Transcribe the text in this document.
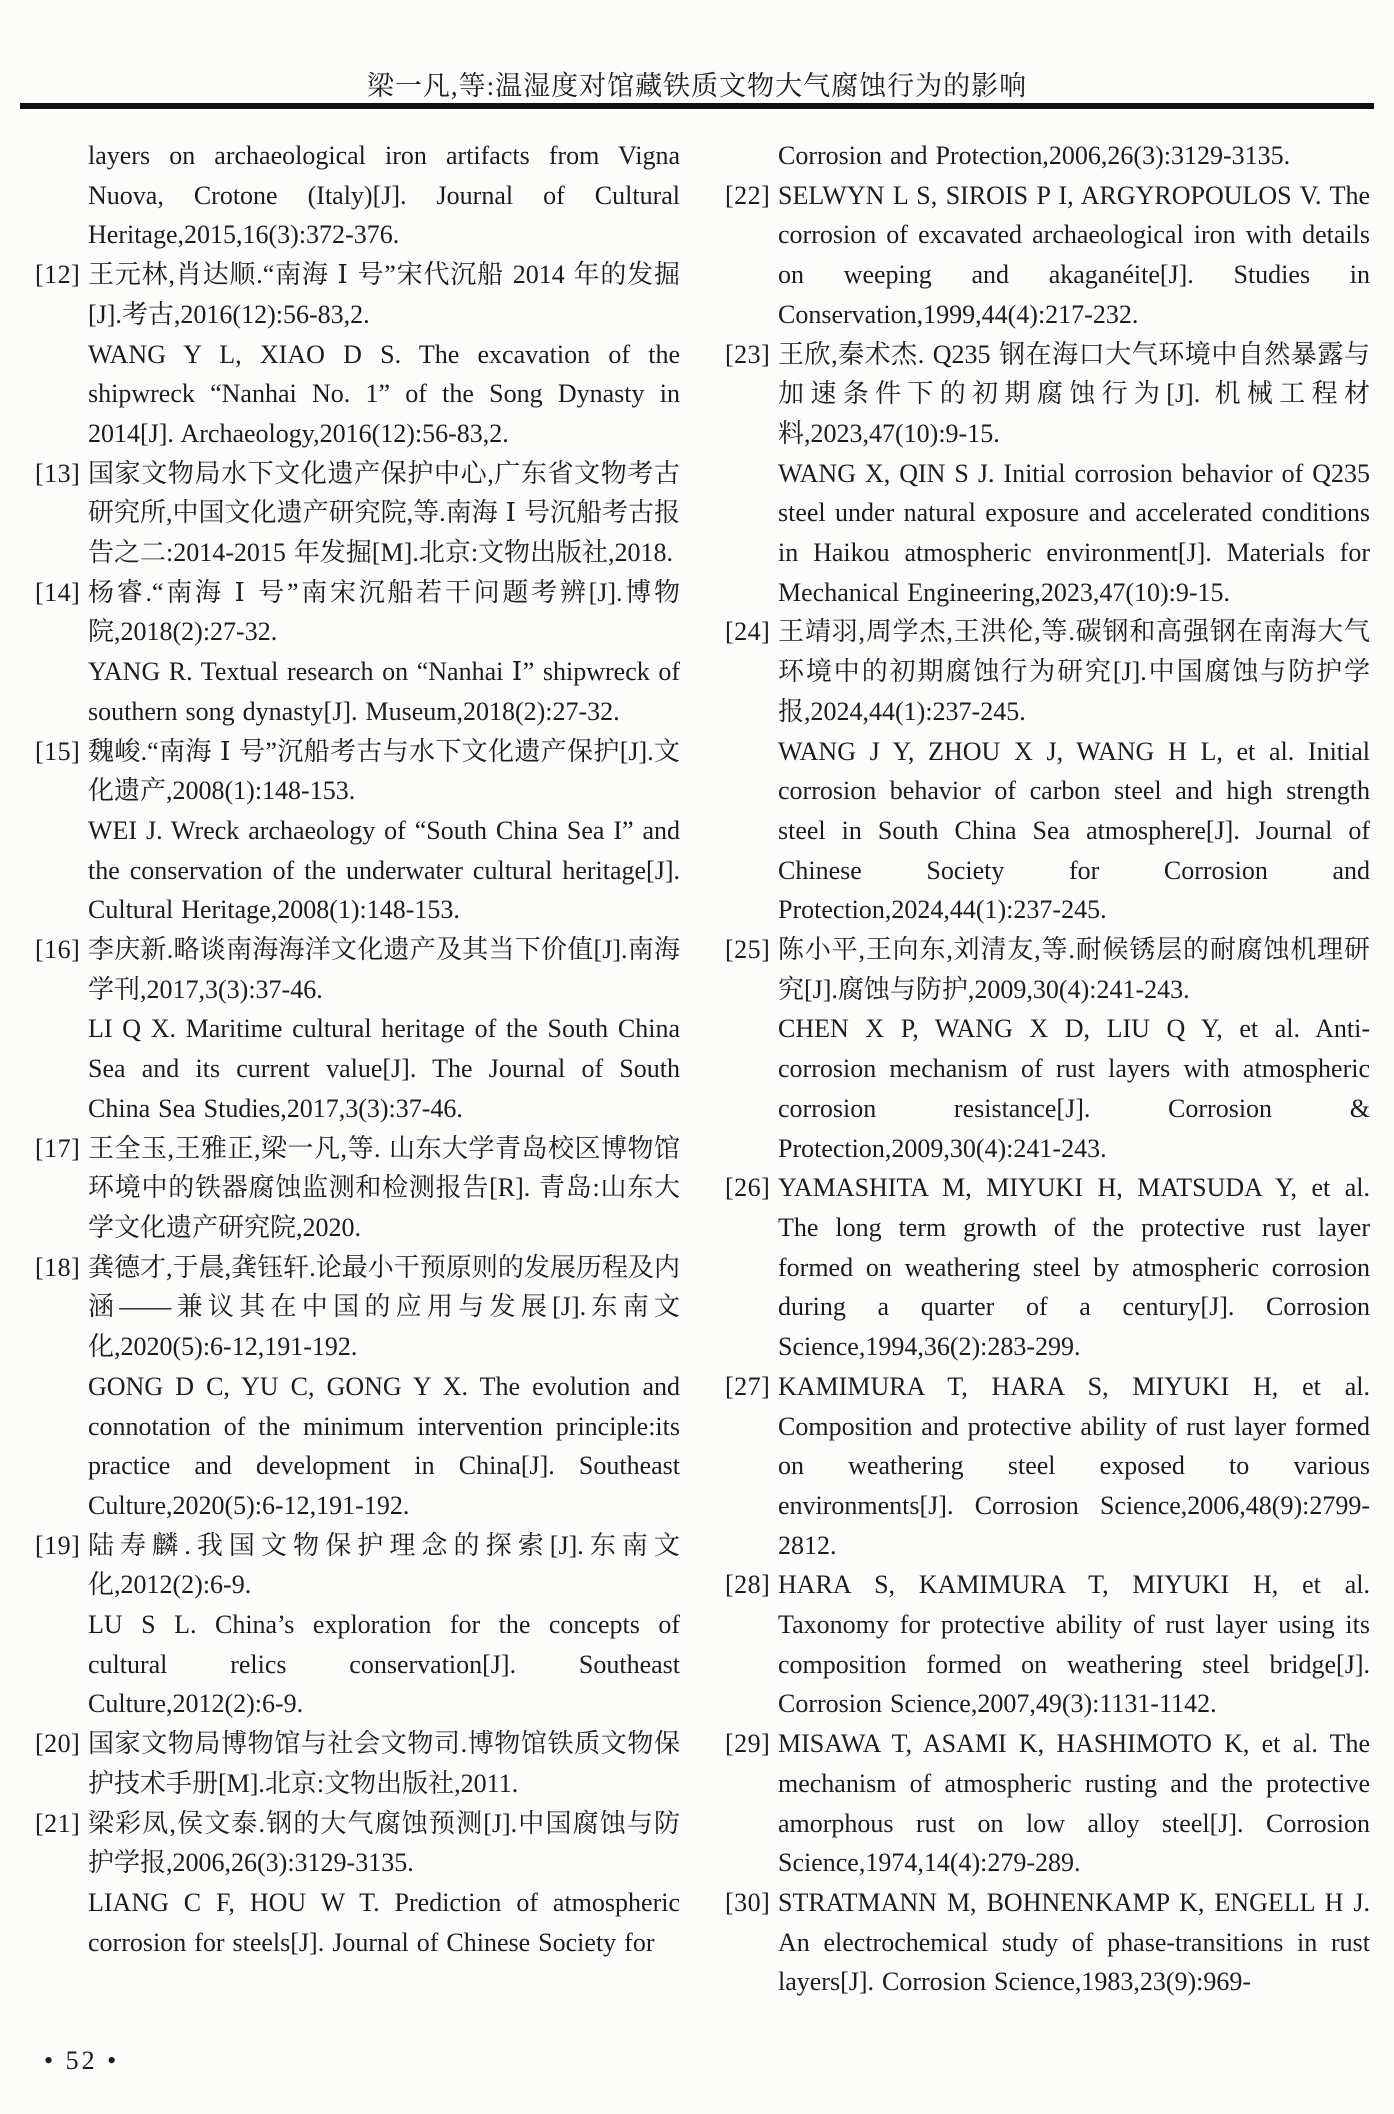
梁一凡,等:温湿度对馆藏铁质文物大气腐蚀行为的影响
layers on archaeological iron artifacts from Vigna Nuova, Crotone (Italy)[J]. Journal of Cultural Heritage,2015,16(3):372-376.
[12] 王元林,肖达顺.“南海 Ⅰ 号”宋代沉船 2014 年的发掘[J].考古,2016(12):56-83,2.
WANG Y L, XIAO D S. The excavation of the shipwreck “Nanhai No. 1” of the Song Dynasty in 2014[J]. Archaeology,2016(12):56-83,2.
[13] 国家文物局水下文化遗产保护中心,广东省文物考古研究所,中国文化遗产研究院,等.南海 Ⅰ 号沉船考古报告之二:2014-2015 年发掘[M].北京:文物出版社,2018.
[14] 杨睿.“南海 Ⅰ 号”南宋沉船若干问题考辨[J].博物院,2018(2):27-32.
YANG R. Textual research on “Nanhai Ⅰ” shipwreck of southern song dynasty[J]. Museum,2018(2):27-32.
[15] 魏峻.“南海 Ⅰ 号”沉船考古与水下文化遗产保护[J].文化遗产,2008(1):148-153.
WEI J. Wreck archaeology of “South China Sea I” and the conservation of the underwater cultural heritage[J]. Cultural Heritage,2008(1):148-153.
[16] 李庆新.略谈南海海洋文化遗产及其当下价值[J].南海学刊,2017,3(3):37-46.
LI Q X. Maritime cultural heritage of the South China Sea and its current value[J]. The Journal of South China Sea Studies,2017,3(3):37-46.
[17] 王全玉,王雅正,梁一凡,等. 山东大学青岛校区博物馆环境中的铁器腐蚀监测和检测报告[R]. 青岛:山东大学文化遗产研究院,2020.
[18] 龚德才,于晨,龚钰轩.论最小干预原则的发展历程及内涵——兼议其在中国的应用与发展[J].东南文化,2020(5):6-12,191-192.
GONG D C, YU C, GONG Y X. The evolution and connotation of the minimum intervention principle:its practice and development in China[J]. Southeast Culture,2020(5):6-12,191-192.
[19] 陆寿麟.我国文物保护理念的探索[J].东南文化,2012(2):6-9.
LU S L. China’s exploration for the concepts of cultural relics conservation[J]. Southeast Culture,2012(2):6-9.
[20] 国家文物局博物馆与社会文物司.博物馆铁质文物保护技术手册[M].北京:文物出版社,2011.
[21] 梁彩凤,侯文泰.钢的大气腐蚀预测[J].中国腐蚀与防护学报,2006,26(3):3129-3135.
LIANG C F, HOU W T. Prediction of atmospheric corrosion for steels[J]. Journal of Chinese Society for
Corrosion and Protection,2006,26(3):3129-3135.
[22] SELWYN L S, SIROIS P I, ARGYROPOULOS V. The corrosion of excavated archaeological iron with details on weeping and akaganéite[J]. Studies in Conservation,1999,44(4):217-232.
[23] 王欣,秦术杰. Q235 钢在海口大气环境中自然暴露与加速条件下的初期腐蚀行为[J]. 机械工程材料,2023,47(10):9-15.
WANG X, QIN S J. Initial corrosion behavior of Q235 steel under natural exposure and accelerated conditions in Haikou atmospheric environment[J]. Materials for Mechanical Engineering,2023,47(10):9-15.
[24] 王靖羽,周学杰,王洪伦,等.碳钢和高强钢在南海大气环境中的初期腐蚀行为研究[J].中国腐蚀与防护学报,2024,44(1):237-245.
WANG J Y, ZHOU X J, WANG H L, et al. Initial corrosion behavior of carbon steel and high strength steel in South China Sea atmosphere[J]. Journal of Chinese Society for Corrosion and Protection,2024,44(1):237-245.
[25] 陈小平,王向东,刘清友,等.耐候锈层的耐腐蚀机理研究[J].腐蚀与防护,2009,30(4):241-243.
CHEN X P, WANG X D, LIU Q Y, et al. Anti-corrosion mechanism of rust layers with atmospheric corrosion resistance[J]. Corrosion & Protection,2009,30(4):241-243.
[26] YAMASHITA M, MIYUKI H, MATSUDA Y, et al. The long term growth of the protective rust layer formed on weathering steel by atmospheric corrosion during a quarter of a century[J]. Corrosion Science,1994,36(2):283-299.
[27] KAMIMURA T, HARA S, MIYUKI H, et al. Composition and protective ability of rust layer formed on weathering steel exposed to various environments[J]. Corrosion Science,2006,48(9):2799-2812.
[28] HARA S, KAMIMURA T, MIYUKI H, et al. Taxonomy for protective ability of rust layer using its composition formed on weathering steel bridge[J]. Corrosion Science,2007,49(3):1131-1142.
[29] MISAWA T, ASAMI K, HASHIMOTO K, et al. The mechanism of atmospheric rusting and the protective amorphous rust on low alloy steel[J]. Corrosion Science,1974,14(4):279-289.
[30] STRATMANN M, BOHNENKAMP K, ENGELL H J. An electrochemical study of phase-transitions in rust layers[J]. Corrosion Science,1983,23(9):969-
• 52 •
